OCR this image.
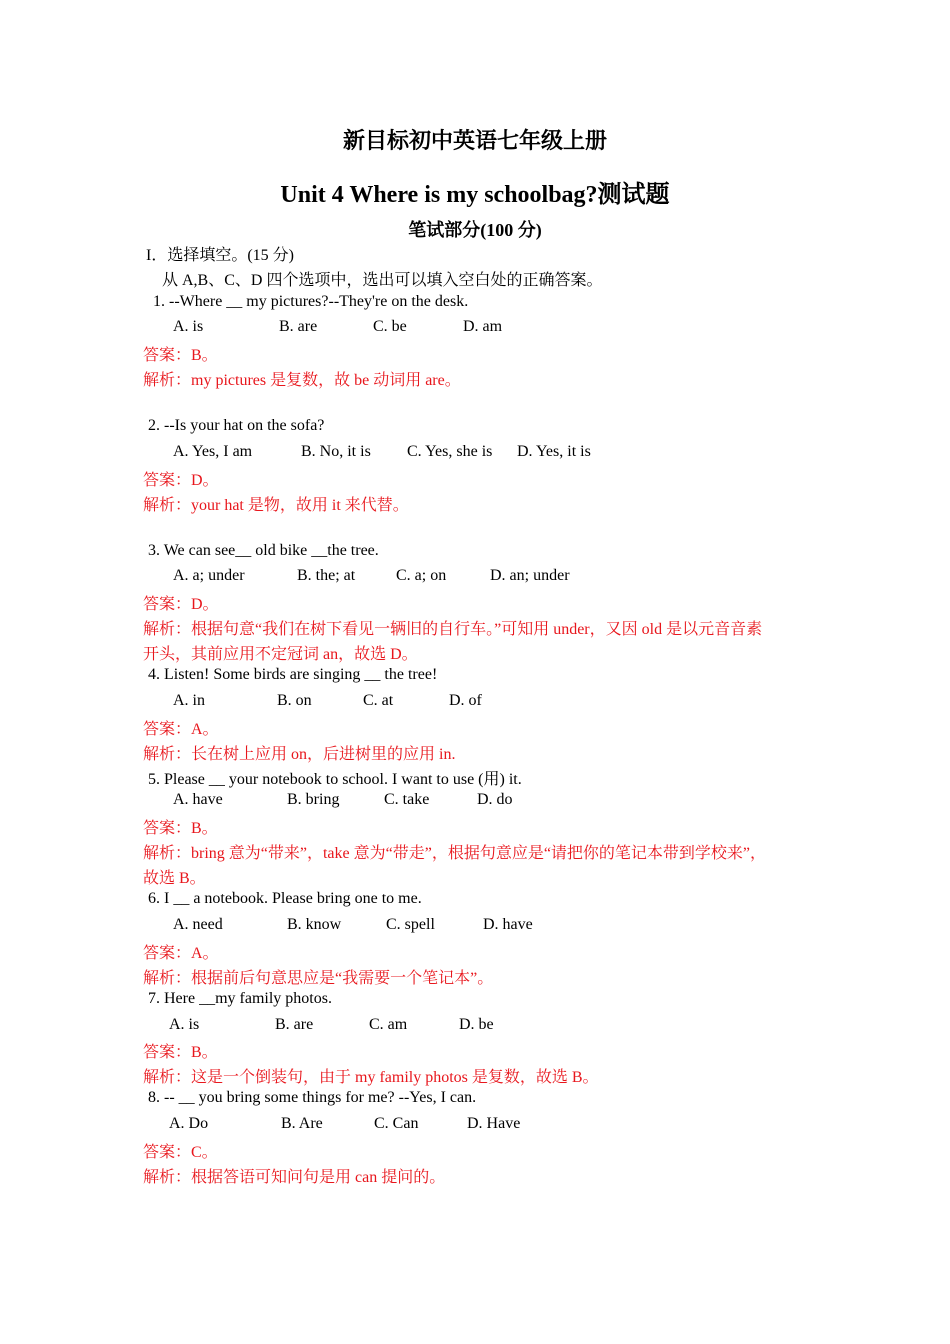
新目标初中英语七年级上册
Unit 4 Where is my schoolbag?测试题
笔试部分(100 分)
I．选择填空。(15 分)
从 A,B、C、D 四个选项中，选出可以填入空白处的正确答案。
1. --Where __ my pictures?--They're on the desk.
A. is	B. are	C. be	D. am
答案：B。
解析：my pictures 是复数，故 be 动词用 are。
2. --Is your hat on the sofa?
A. Yes, I am	B. No, it is C. Yes, she is D. Yes, it is
答案：D。
解析：your hat 是物，故用 it 来代替。
3. We can see__ old bike __the tree.
A. a; under	B. the; at	C. a; on	D. an; under
答案：D。
解析：根据句意“我们在树下看见一辆旧的自行车。”可知用 under，又因 old 是以元音音素
开头，其前应用不定冠词 an，故选 D。
4. Listen! Some birds are singing __ the tree!
A. in	B. on	C. at	D. of
答案：A。
解析：长在树上应用 on，后进树里的应用 in.
5. Please __ your notebook to school. I want to use (用) it.
A. have	B. bring	C. take	D. do
答案：B。
解析：bring 意为“带来”，take 意为“带走”，根据句意应是“请把你的笔记本带到学校来”，
故选 B。
6. I __ a notebook. Please bring one to me.
A. need	B. know	C. spell	D. have
答案：A。
解析：根据前后句意思应是“我需要一个笔记本”。
7. Here __my family photos.
A. is	B. are	C. am	D. be
答案：B。
解析：这是一个倒装句，由于 my family photos 是复数，故选 B。
8. -- __ you bring some things for me? --Yes, I can.
A. Do	B. Are	C. Can	D. Have
答案：C。
解析：根据答语可知问句是用 can 提问的。
